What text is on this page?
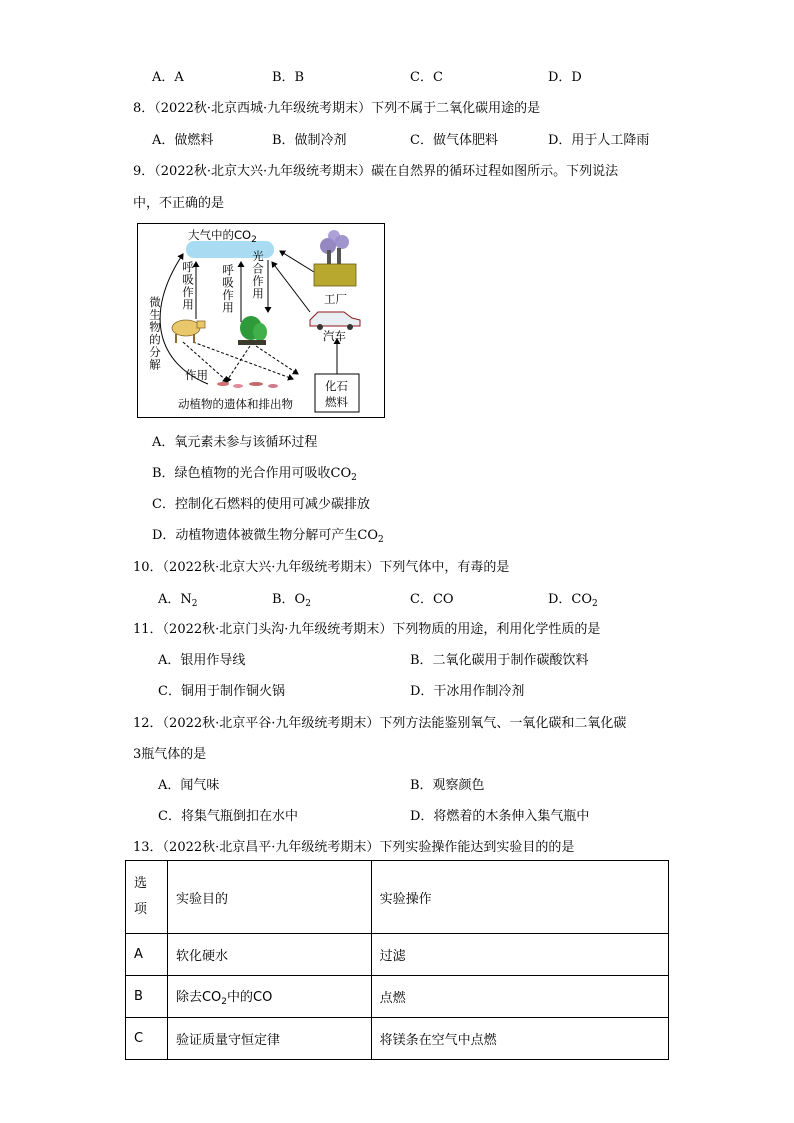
A．A	B．B	C．C	D．D
8．（2022秋·北京西城·九年级统考期末）下列不属于二氧化碳用途的是
A．做燃料	B．做制冷剂	C．做气体肥料	D．用于人工降雨
9．（2022秋·北京大兴·九年级统考期末）碳在自然界的循环过程如图所示。下列说法
中，不正确的是
大气中的$CO_2$
呼吸作用 呼吸作用 光合作用
微生物的分解
作用
工厂
汽车
化石
燃料
动植物的遗体和排出物
A．氧元素未参与该循环过程
B．绿色植物的光合作用可吸收$CO_2$
C．控制化石燃料的使用可减少碳排放
D．动植物遗体被微生物分解可产生$CO_2$
10．（2022秋·北京大兴·九年级统考期末）下列气体中，有毒的是
A．$N_2$	B．$O_2$	C．CO	D．$CO_2$
11．（2022秋·北京门头沟·九年级统考期末）下列物质的用途，利用化学性质的是
A．银用作导线	B．二氧化碳用于制作碳酸饮料
C．铜用于制作铜火锅	D．干冰用作制冷剂
12．（2022秋·北京平谷·九年级统考期末）下列方法能鉴别氧气、一氧化碳和二氧化碳
3瓶气体的是
A．闻气味	B．观察颜色
C．将集气瓶倒扣在水中	D．将燃着的木条伸入集气瓶中
13．（2022秋·北京昌平·九年级统考期末）下列实验操作能达到实验目的的是
选
项	实验目的	实验操作
A	软化硬水	过滤
B	除去$CO_2$中的CO	点燃
C	验证质量守恒定律	将镁条在空气中点燃
